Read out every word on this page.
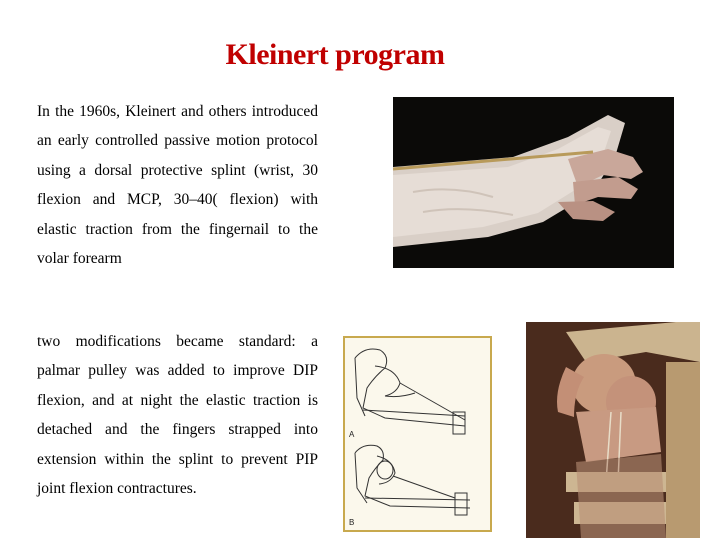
Kleinert program
In the 1960s, Kleinert and others introduced an early controlled passive motion protocol using a dorsal protective splint (wrist, 30 flexion and MCP, 30–40( flexion) with elastic traction from the fingernail to the volar forearm
two modifications became standard: a palmar pulley was added to improve DIP flexion, and at night the elastic traction is detached and the fingers strapped into extension within the splint to prevent PIP joint flexion contractures.
A
B
